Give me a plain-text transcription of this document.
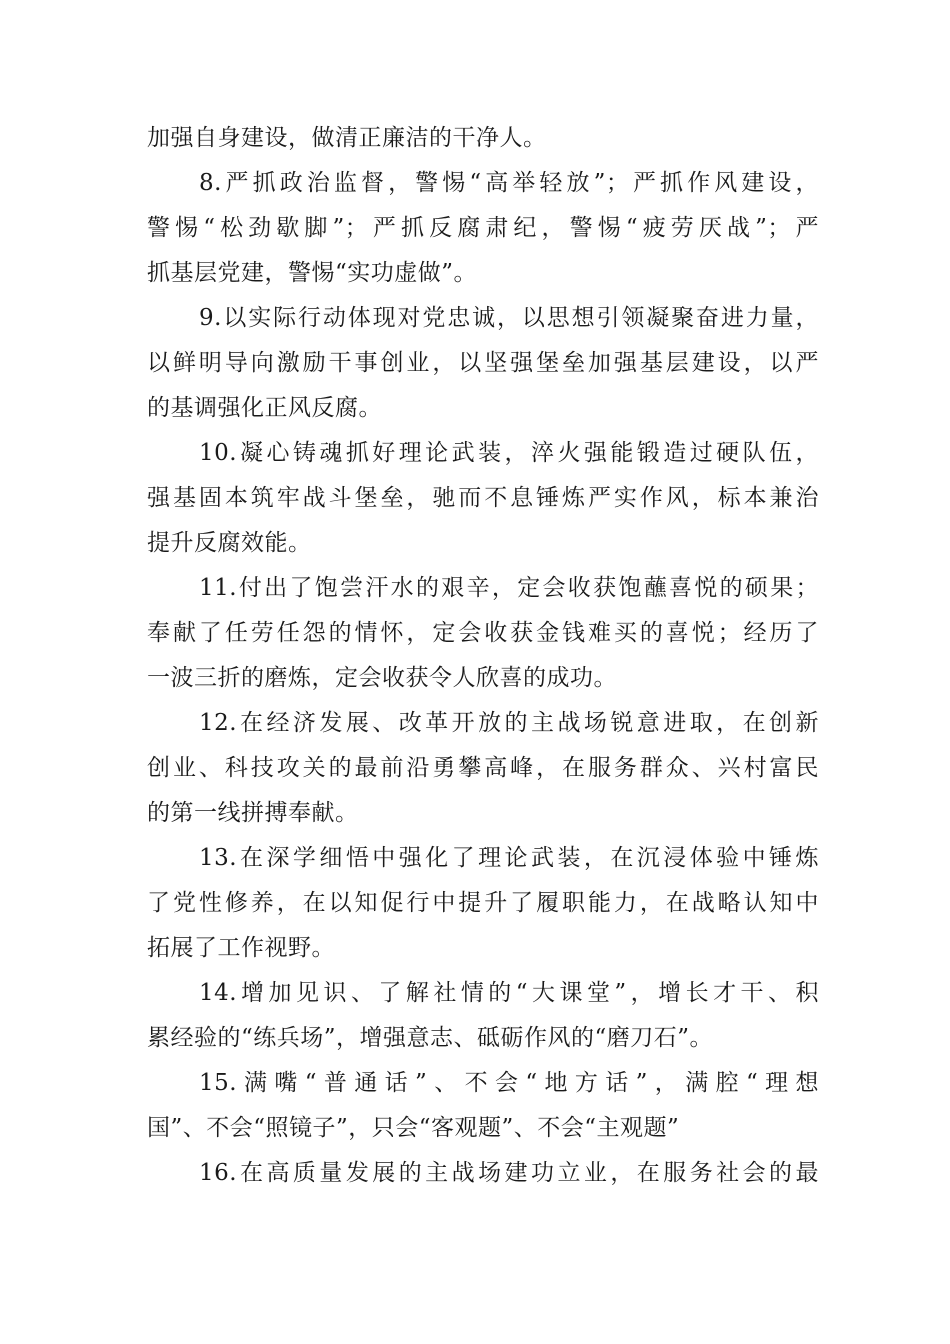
加强自身建设，做清正廉洁的干净人。
8.严抓政治监督，警惕“高举轻放”；严抓作风建设，
警惕“松劲歇脚”；严抓反腐肃纪，警惕“疲劳厌战”；严
抓基层党建，警惕“实功虚做”。
9.以实际行动体现对党忠诚，以思想引领凝聚奋进力量，
以鲜明导向激励干事创业，以坚强堡垒加强基层建设，以严
的基调强化正风反腐。
10.凝心铸魂抓好理论武装，淬火强能锻造过硬队伍，
强基固本筑牢战斗堡垒，驰而不息锤炼严实作风，标本兼治
提升反腐效能。
11.付出了饱尝汗水的艰辛，定会收获饱蘸喜悦的硕果；
奉献了任劳任怨的情怀，定会收获金钱难买的喜悦；经历了
一波三折的磨炼，定会收获令人欣喜的成功。
12.在经济发展、改革开放的主战场锐意进取，在创新
创业、科技攻关的最前沿勇攀高峰，在服务群众、兴村富民
的第一线拼搏奉献。
13.在深学细悟中强化了理论武装，在沉浸体验中锤炼
了党性修养，在以知促行中提升了履职能力，在战略认知中
拓展了工作视野。
14.增加见识、了解社情的“大课堂”，增长才干、积
累经验的“练兵场”，增强意志、砥砺作风的“磨刀石”。
15.满嘴“普通话”、不会“地方话”，满腔“理想
国”、不会“照镜子”，只会“客观题”、不会“主观题”
16.在高质量发展的主战场建功立业，在服务社会的最
